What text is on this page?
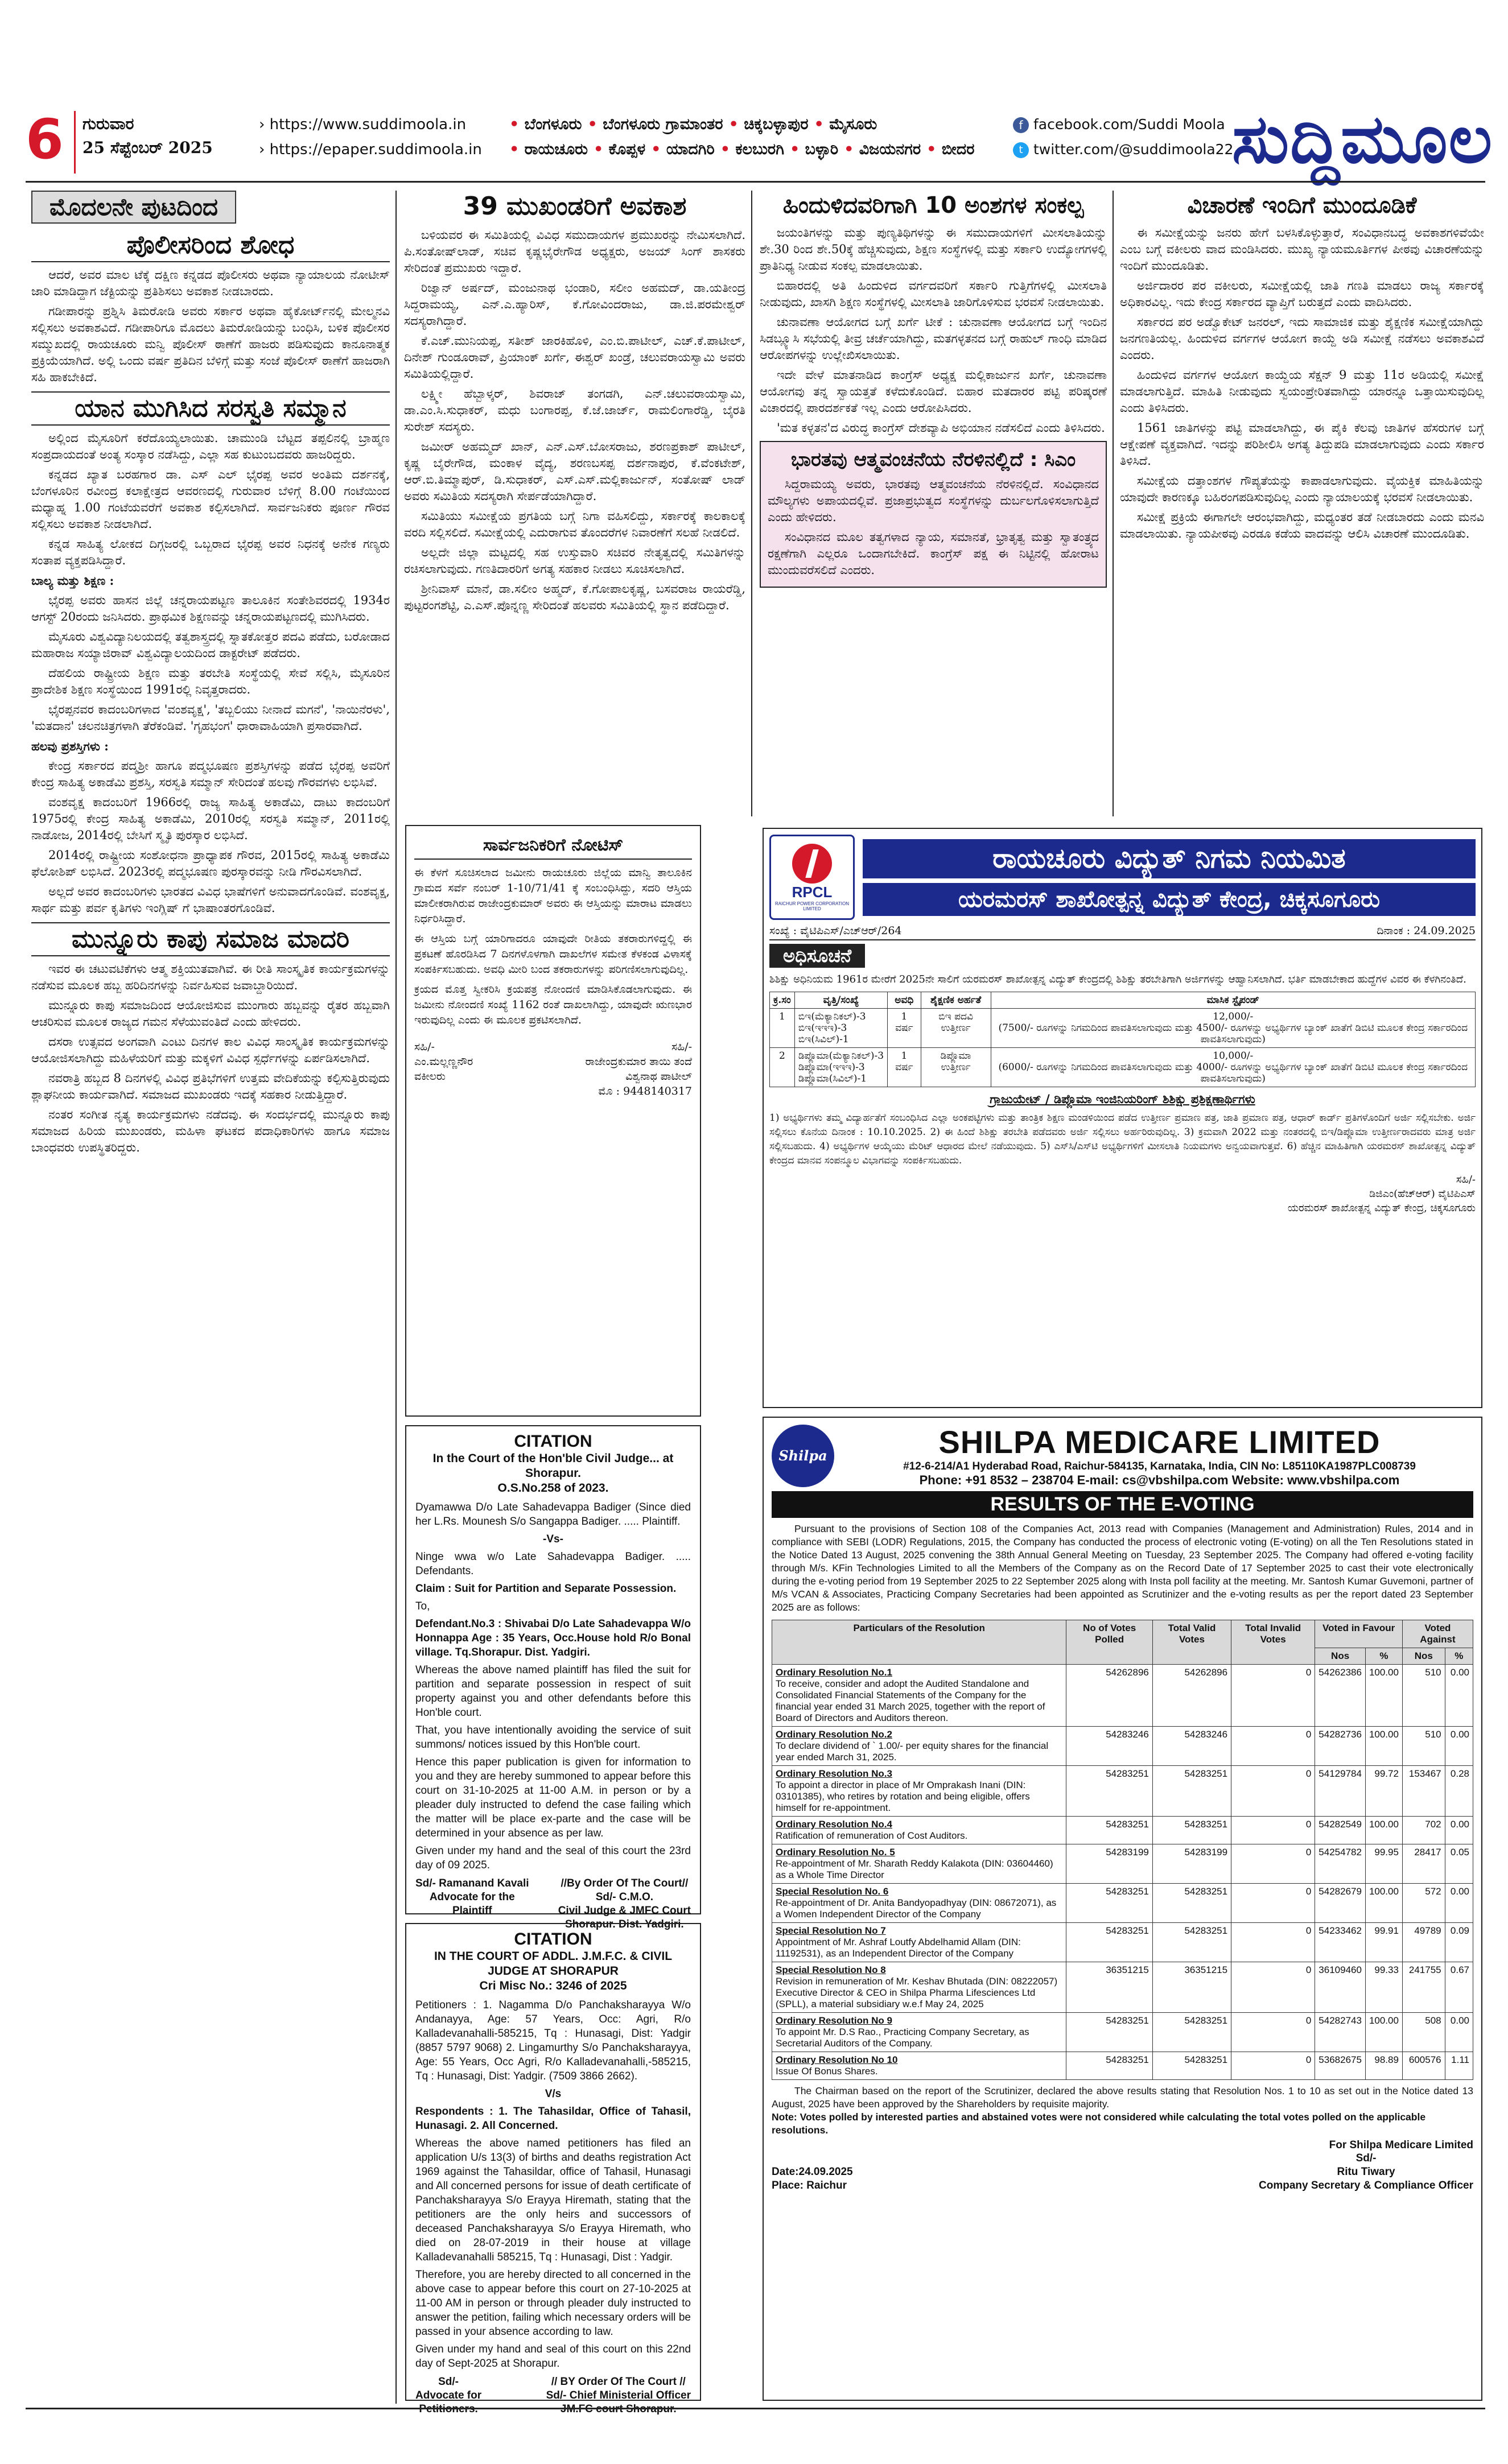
6 ಗುರುವಾರ
25 ಸೆಪ್ಟೆಂಬರ್ 2025
› https://www.suddimoola.in
› https://epaper.suddimoola.in
• ಬೆಂಗಳೂರು • ಬೆಂಗಳೂರು ಗ್ರಾಮಾಂತರ • ಚಿಕ್ಕಬಳ್ಳಾಪುರ • ಮೈಸೂರು
• ರಾಯಚೂರು • ಕೊಪ್ಪಳ • ಯಾದಗಿರಿ • ಕಲಬುರಗಿ • ಬಳ್ಳಾರಿ • ವಿಜಯನಗರ • ಬೀದರ
f facebook.com/Suddi Moola
t twitter.com/@suddimoola22
ಸುದ್ದಿಮೂಲ
ಮೊದಲನೇ ಪುಟದಿಂದ
ಪೊಲೀಸರಿಂದ ಶೋಧ

ಆದರೆ, ಅವರ ಮಾಲ ಟೆಕ್ಕೆ ದಕ್ಷಿಣ ಕನ್ನಡದ ಪೊಲೀಸರು ಅಥವಾ ನ್ಯಾಯಾಲಯ ನೋಟೀಸ್ ಜಾರಿ ಮಾಡಿದ್ದಾಗ ಜೆಕ್ಟಿಯನ್ನು ಪ್ರತಿಶಿಸಲು ಅವಕಾಶ ನೀಡಬಾರದು.

ಗಡೀಪಾರನ್ನು ಪ್ರಶ್ನಿಸಿ ತಿಮರೋಡಿ ಅವರು ಸರ್ಕಾರ ಅಥವಾ ಹೈಕೋರ್ಟ್‌ನಲ್ಲಿ ಮೇಲ್ಮನವಿ ಸಲ್ಲಿಸಲು ಅವಕಾಶವಿದೆ. ಗಡೀಪಾರಿಗೂ ಮೊದಲು ತಿಮರೋಡಿಯನ್ನು ಬಂಧಿಸಿ, ಬಳಿಕ ಪೊಲೀಸರ ಸಮ್ಮುಖದಲ್ಲಿ ರಾಯಚೂರು ಮನ್ವಿ ಪೊಲೀಸ್ ಠಾಣೆಗೆ ಹಾಜರು ಪಡಿಸುವುದು ಕಾನೂನಾತ್ಮಕ ಪ್ರಕ್ರಿಯೆಯಾಗಿದೆ. ಅಲ್ಲಿ ಒಂದು ವರ್ಷ ಪ್ರತಿದಿನ ಬೆಳಿಗ್ಗೆ ಮತ್ತು ಸಂಜೆ ಪೊಲೀಸ್ ಠಾಣೆಗೆ ಹಾಜರಾಗಿ ಸಹಿ ಹಾಕಬೇಕಿದೆ.

ಯಾನ ಮುಗಿಸಿದ ಸರಸ್ವತಿ ಸಮ್ಮಾನ

ಅಲ್ಲಿಂದ ಮೈಸೂರಿಗೆ ಕರೆದೊಯ್ಯಲಾಯಿತು. ಚಾಮುಂಡಿ ಬೆಟ್ಟದ ತಪ್ಪಲಿನಲ್ಲಿ ಬ್ರಾಹ್ಮಣ ಸಂಪ್ರದಾಯದಂತೆ ಅಂತ್ಯ ಸಂಸ್ಕಾರ ನಡೆಸಿದ್ದು, ಎಲ್ಲಾ ಸಹ ಕುಟುಂಬದವರು ಹಾಜರಿದ್ದರು.

ಕನ್ನಡದ ಖ್ಯಾತ ಬರಹಗಾರ ಡಾ. ಎಸ್ ಎಲ್ ಭೈರಪ್ಪ ಅವರ ಅಂತಿಮ ದರ್ಶನಕ್ಕೆ, ಬೆಂಗಳೂರಿನ ರವೀಂದ್ರ ಕಲಾಕ್ಷೇತ್ರದ ಆವರಣದಲ್ಲಿ ಗುರುವಾರ ಬೆಳಿಗ್ಗೆ 8.00 ಗಂಟೆಯಿಂದ ಮಧ್ಯಾಹ್ನ 1.00 ಗಂಟೆಯವರೆಗೆ ಅವಕಾಶ ಕಲ್ಪಿಸಲಾಗಿದೆ. ಸಾರ್ವಜನಿಕರು ಪೂರ್ಣ ಗೌರವ ಸಲ್ಲಿಸಲು ಅವಕಾಶ ನೀಡಲಾಗಿದೆ.

ಕನ್ನಡ ಸಾಹಿತ್ಯ ಲೋಕದ ದಿಗ್ಗಜರಲ್ಲಿ ಒಬ್ಬರಾದ ಭೈರಪ್ಪ ಅವರ ನಿಧನಕ್ಕೆ ಅನೇಕ ಗಣ್ಯರು ಸಂತಾಪ ವ್ಯಕ್ತಪಡಿಸಿದ್ದಾರೆ.

ಬಾಲ್ಯ ಮತ್ತು ಶಿಕ್ಷಣ :

ಭೈರಪ್ಪ ಅವರು ಹಾಸನ ಜಿಲ್ಲೆ ಚನ್ನರಾಯಪಟ್ಟಣ ತಾಲೂಕಿನ ಸಂತೇಶಿವರದಲ್ಲಿ 1934ರ ಆಗಸ್ಟ್ 20ರಂದು ಜನಿಸಿದರು. ಪ್ರಾಥಮಿಕ ಶಿಕ್ಷಣವನ್ನು ಚನ್ನರಾಯಪಟ್ಟಣದಲ್ಲಿ ಮುಗಿಸಿದರು.

ಮೈಸೂರು ವಿಶ್ವವಿದ್ಯಾನಿಲಯದಲ್ಲಿ ತತ್ವಶಾಸ್ತ್ರದಲ್ಲಿ ಸ್ನಾತಕೋತ್ತರ ಪದವಿ ಪಡೆದು, ಬರೋಡಾದ ಮಹಾರಾಜ ಸಯ್ಯಾಜಿರಾವ್ ವಿಶ್ವವಿದ್ಯಾಲಯದಿಂದ ಡಾಕ್ಟರೇಟ್ ಪಡೆದರು.

ದೆಹಲಿಯ ರಾಷ್ಟ್ರೀಯ ಶಿಕ್ಷಣ ಮತ್ತು ತರಬೇತಿ ಸಂಸ್ಥೆಯಲ್ಲಿ ಸೇವೆ ಸಲ್ಲಿಸಿ, ಮೈಸೂರಿನ ಪ್ರಾದೇಶಿಕ ಶಿಕ್ಷಣ ಸಂಸ್ಥೆಯಿಂದ 1991ರಲ್ಲಿ ನಿವೃತ್ತರಾದರು.

ಭೈರಪ್ಪನವರ ಕಾದಂಬರಿಗಳಾದ 'ವಂಶವೃಕ್ಷ', 'ತಬ್ಬಲಿಯು ನೀನಾದೆ ಮಗನೆ', 'ನಾಯಿನೆರಳು', 'ಮತದಾನ' ಚಲನಚಿತ್ರಗಳಾಗಿ ತೆರೆಕಂಡಿವೆ. 'ಗೃಹಭಂಗ' ಧಾರಾವಾಹಿಯಾಗಿ ಪ್ರಸಾರವಾಗಿದೆ.

ಹಲವು ಪ್ರಶಸ್ತಿಗಳು :

ಕೇಂದ್ರ ಸರ್ಕಾರದ ಪದ್ಮಶ್ರೀ ಹಾಗೂ ಪದ್ಮಭೂಷಣ ಪ್ರಶಸ್ತಿಗಳನ್ನು ಪಡೆದ ಭೈರಪ್ಪ ಅವರಿಗೆ ಕೇಂದ್ರ ಸಾಹಿತ್ಯ ಅಕಾಡೆಮಿ ಪ್ರಶಸ್ತಿ, ಸರಸ್ವತಿ ಸಮ್ಮಾನ್ ಸೇರಿದಂತೆ ಹಲವು ಗೌರವಗಳು ಲಭಿಸಿವೆ.

ವಂಶವೃಕ್ಷ ಕಾದಂಬರಿಗೆ 1966ರಲ್ಲಿ ರಾಜ್ಯ ಸಾಹಿತ್ಯ ಅಕಾಡೆಮಿ, ದಾಟು ಕಾದಂಬರಿಗೆ 1975ರಲ್ಲಿ ಕೇಂದ್ರ ಸಾಹಿತ್ಯ ಅಕಾಡೆಮಿ, 2010ರಲ್ಲಿ ಸರಸ್ವತಿ ಸಮ್ಮಾನ್, 2011ರಲ್ಲಿ ನಾಡೋಜ, 2014ರಲ್ಲಿ ಬೇಸಿಗೆ ಸ್ಮೃತಿ ಪುರಸ್ಕಾರ ಲಭಿಸಿದೆ.

2014ರಲ್ಲಿ ರಾಷ್ಟ್ರೀಯ ಸಂಶೋಧನಾ ಪ್ರಾಧ್ಯಾಪಕ ಗೌರವ, 2015ರಲ್ಲಿ ಸಾಹಿತ್ಯ ಅಕಾಡೆಮಿ ಫೆಲೋಶಿಪ್ ಲಭಿಸಿದೆ. 2023ರಲ್ಲಿ ಪದ್ಮಭೂಷಣ ಪುರಸ್ಕಾರವನ್ನು ನೀಡಿ ಗೌರವಿಸಲಾಗಿದೆ.

ಅಲ್ಲದೆ ಅವರ ಕಾದಂಬರಿಗಳು ಭಾರತದ ವಿವಿಧ ಭಾಷೆಗಳಿಗೆ ಅನುವಾದಗೊಂಡಿವೆ. ವಂಶವೃಕ್ಷ, ಸಾರ್ಥ ಮತ್ತು ಪರ್ವ ಕೃತಿಗಳು ಇಂಗ್ಲಿಷ್ ಗೆ ಭಾಷಾಂತರಗೊಂಡಿವೆ.

ಮುನ್ನೂರು ಕಾಪು ಸಮಾಜ ಮಾದರಿ

ಇವರ ಈ ಚಟುವಟಿಕೆಗಳು ಆತ್ಮ ಶಕ್ತಿಯುತವಾಗಿವೆ. ಈ ರೀತಿ ಸಾಂಸ್ಕೃತಿಕ ಕಾರ್ಯಕ್ರಮಗಳನ್ನು ನಡೆಸುವ ಮೂಲಕ ಹಬ್ಬ ಹರಿದಿನಗಳನ್ನು ನಿರ್ವಹಿಸುವ ಜವಾಬ್ದಾರಿಯಿದೆ.

ಮುನ್ನೂರು ಕಾಪು ಸಮಾಜದಿಂದ ಆಯೋಜಿಸುವ ಮುಂಗಾರು ಹಬ್ಬವನ್ನು ರೈತರ ಹಬ್ಬವಾಗಿ ಆಚರಿಸುವ ಮೂಲಕ ರಾಜ್ಯದ ಗಮನ ಸೆಳೆಯುವಂತಿದೆ ಎಂದು ಹೇಳಿದರು.

ದಸರಾ ಉತ್ಸವದ ಅಂಗವಾಗಿ ಎಂಟು ದಿನಗಳ ಕಾಲ ವಿವಿಧ ಸಾಂಸ್ಕೃತಿಕ ಕಾರ್ಯಕ್ರಮಗಳನ್ನು ಆಯೋಜಿಸಲಾಗಿದ್ದು ಮಹಿಳೆಯರಿಗೆ ಮತ್ತು ಮಕ್ಕಳಿಗೆ ವಿವಿಧ ಸ್ಪರ್ಧೆಗಳನ್ನು ಏರ್ಪಡಿಸಲಾಗಿದೆ.

ನವರಾತ್ರಿ ಹಬ್ಬದ 8 ದಿನಗಳಲ್ಲಿ ವಿವಿಧ ಪ್ರತಿಭೆಗಳಿಗೆ ಉತ್ತಮ ವೇದಿಕೆಯನ್ನು ಕಲ್ಪಿಸುತ್ತಿರುವುದು ಶ್ಲಾಘನೀಯ ಕಾರ್ಯವಾಗಿದೆ. ಸಮಾಜದ ಮುಖಂಡರು ಇದಕ್ಕೆ ಸಹಕಾರ ನೀಡುತ್ತಿದ್ದಾರೆ.

ನಂತರ ಸಂಗೀತ ನೃತ್ಯ ಕಾರ್ಯಕ್ರಮಗಳು ನಡೆದವು. ಈ ಸಂದರ್ಭದಲ್ಲಿ ಮುನ್ನೂರು ಕಾಪು ಸಮಾಜದ ಹಿರಿಯ ಮುಖಂಡರು, ಮಹಿಳಾ ಘಟಕದ ಪದಾಧಿಕಾರಿಗಳು ಹಾಗೂ ಸಮಾಜ ಬಾಂಧವರು ಉಪಸ್ಥಿತರಿದ್ದರು.

39 ಮುಖಂಡರಿಗೆ ಅವಕಾಶ

ಬಳಿಯವರ ಈ ಸಮಿತಿಯಲ್ಲಿ ವಿವಿಧ ಸಮುದಾಯಗಳ ಪ್ರಮುಖರನ್ನು ನೇಮಿಸಲಾಗಿದೆ. ಪಿ.ಸಂತೋಷ್‌ಲಾಡ್, ಸಚಿವ ಕೃಷ್ಣಭೈರೇಗೌಡ ಅಧ್ಯಕ್ಷರು, ಅಜಯ್ ಸಿಂಗ್ ಶಾಸಕರು ಸೇರಿದಂತೆ ಪ್ರಮುಖರು ಇದ್ದಾರೆ.

ರಿಜ್ವಾನ್ ಅರ್ಷದ್, ಮಂಜುನಾಥ ಭಂಡಾರಿ, ಸಲೀಂ ಅಹಮದ್, ಡಾ.ಯತೀಂದ್ರ ಸಿದ್ದರಾಮಯ್ಯ, ಎನ್.ಎ.ಹ್ಯಾರಿಸ್, ಕೆ.ಗೋವಿಂದರಾಜು, ಡಾ.ಜಿ.ಪರಮೇಶ್ವರ್ ಸದಸ್ಯರಾಗಿದ್ದಾರೆ.

ಕೆ.ಎಚ್.ಮುನಿಯಪ್ಪ, ಸತೀಶ್ ಜಾರಕಿಹೊಳಿ, ಎಂ.ಬಿ.ಪಾಟೀಲ್, ಎಚ್.ಕೆ.ಪಾಟೀಲ್, ದಿನೇಶ್ ಗುಂಡೂರಾವ್, ಪ್ರಿಯಾಂಕ್ ಖರ್ಗೆ, ಈಶ್ವರ್ ಖಂಡ್ರೆ, ಚಲುವರಾಯಸ್ವಾಮಿ ಅವರು ಸಮಿತಿಯಲ್ಲಿದ್ದಾರೆ.

ಲಕ್ಷ್ಮೀ ಹೆಬ್ಬಾಳ್ಕರ್, ಶಿವರಾಜ್ ತಂಗಡಗಿ, ಎನ್.ಚಲುವರಾಯಸ್ವಾಮಿ, ಡಾ.ಎಂ.ಸಿ.ಸುಧಾಕರ್, ಮಧು ಬಂಗಾರಪ್ಪ, ಕೆ.ಜೆ.ಜಾರ್ಜ್, ರಾಮಲಿಂಗಾರೆಡ್ಡಿ, ಬೈರತಿ ಸುರೇಶ್ ಸದಸ್ಯರು.

ಜಮೀರ್ ಅಹಮ್ಮದ್ ಖಾನ್, ಎನ್.ಎಸ್.ಬೋಸರಾಜು, ಶರಣಪ್ರಕಾಶ್ ಪಾಟೀಲ್, ಕೃಷ್ಣ ಬೈರೇಗೌಡ, ಮಂಕಾಳ ವೈದ್ಯ, ಶರಣಬಸಪ್ಪ ದರ್ಶನಾಪುರ, ಕೆ.ವೆಂಕಟೇಶ್, ಆರ್.ಬಿ.ತಿಮ್ಮಾಪುರ್, ಡಿ.ಸುಧಾಕರ್, ಎಸ್.ಎಸ್.ಮಲ್ಲಿಕಾರ್ಜುನ್, ಸಂತೋಷ್ ಲಾಡ್ ಅವರು ಸಮಿತಿಯ ಸದಸ್ಯರಾಗಿ ಸೇರ್ಪಡೆಯಾಗಿದ್ದಾರೆ.

ಸಮಿತಿಯು ಸಮೀಕ್ಷೆಯ ಪ್ರಗತಿಯ ಬಗ್ಗೆ ನಿಗಾ ವಹಿಸಲಿದ್ದು, ಸರ್ಕಾರಕ್ಕೆ ಕಾಲಕಾಲಕ್ಕೆ ವರದಿ ಸಲ್ಲಿಸಲಿದೆ. ಸಮೀಕ್ಷೆಯಲ್ಲಿ ಎದುರಾಗುವ ತೊಂದರೆಗಳ ನಿವಾರಣೆಗೆ ಸಲಹೆ ನೀಡಲಿದೆ.

ಅಲ್ಲದೇ ಜಿಲ್ಲಾ ಮಟ್ಟದಲ್ಲಿ ಸಹ ಉಸ್ತುವಾರಿ ಸಚಿವರ ನೇತೃತ್ವದಲ್ಲಿ ಸಮಿತಿಗಳನ್ನು ರಚಿಸಲಾಗುವುದು. ಗಣತಿದಾರರಿಗೆ ಅಗತ್ಯ ಸಹಕಾರ ನೀಡಲು ಸೂಚಿಸಲಾಗಿದೆ.

ಶ್ರೀನಿವಾಸ್ ಮಾನೆ, ಡಾ.ಸಲೀಂ ಅಹ್ಮದ್, ಕೆ.ಗೋಪಾಲಕೃಷ್ಣ, ಬಸವರಾಜ ರಾಯರೆಡ್ಡಿ, ಪುಟ್ಟರಂಗಶೆಟ್ಟಿ, ಎ.ಎಸ್.ಪೊನ್ನಣ್ಣ ಸೇರಿದಂತೆ ಹಲವರು ಸಮಿತಿಯಲ್ಲಿ ಸ್ಥಾನ ಪಡೆದಿದ್ದಾರೆ.

ಹಿಂದುಳಿದವರಿಗಾಗಿ 10 ಅಂಶಗಳ ಸಂಕಲ್ಪ

ಜಯಂತಿಗಳನ್ನು ಮತ್ತು ಪುಣ್ಯತಿಥಿಗಳನ್ನು ಈ ಸಮುದಾಯಗಳಿಗೆ ಮೀಸಲಾತಿಯನ್ನು ಶೇ.30 ರಿಂದ ಶೇ.50ಕ್ಕೆ ಹೆಚ್ಚಿಸುವುದು, ಶಿಕ್ಷಣ ಸಂಸ್ಥೆಗಳಲ್ಲಿ ಮತ್ತು ಸರ್ಕಾರಿ ಉದ್ಯೋಗಗಳಲ್ಲಿ ಪ್ರಾತಿನಿಧ್ಯ ನೀಡುವ ಸಂಕಲ್ಪ ಮಾಡಲಾಯಿತು.

ಬಿಹಾರದಲ್ಲಿ ಅತಿ ಹಿಂದುಳಿದ ವರ್ಗದವರಿಗೆ ಸರ್ಕಾರಿ ಗುತ್ತಿಗೆಗಳಲ್ಲಿ ಮೀಸಲಾತಿ ನೀಡುವುದು, ಖಾಸಗಿ ಶಿಕ್ಷಣ ಸಂಸ್ಥೆಗಳಲ್ಲಿ ಮೀಸಲಾತಿ ಜಾರಿಗೊಳಿಸುವ ಭರವಸೆ ನೀಡಲಾಯಿತು.

ಚುನಾವಣಾ ಆಯೋಗದ ಬಗ್ಗೆ ಖರ್ಗೆ ಟೀಕೆ : ಚುನಾವಣಾ ಆಯೋಗದ ಬಗ್ಗೆ ಇಂದಿನ ಸಿಡಬ್ಲ್ಯೂಸಿ ಸಭೆಯಲ್ಲಿ ತೀವ್ರ ಚರ್ಚೆಯಾಗಿದ್ದು, ಮತಗಳ್ಳತನದ ಬಗ್ಗೆ ರಾಹುಲ್ ಗಾಂಧಿ ಮಾಡಿದ ಆರೋಪಗಳನ್ನು ಉಲ್ಲೇಖಿಸಲಾಯಿತು.

ಇದೇ ವೇಳೆ ಮಾತನಾಡಿದ ಕಾಂಗ್ರೆಸ್ ಅಧ್ಯಕ್ಷ ಮಲ್ಲಿಕಾರ್ಜುನ ಖರ್ಗೆ, ಚುನಾವಣಾ ಆಯೋಗವು ತನ್ನ ಸ್ವಾಯತ್ತತೆ ಕಳೆದುಕೊಂಡಿದೆ. ಬಿಹಾರ ಮತದಾರರ ಪಟ್ಟಿ ಪರಿಷ್ಕರಣೆ ವಿಚಾರದಲ್ಲಿ ಪಾರದರ್ಶಕತೆ ಇಲ್ಲ ಎಂದು ಆರೋಪಿಸಿದರು.

'ಮತ ಕಳ್ಳತನ'ದ ವಿರುದ್ಧ ಕಾಂಗ್ರೆಸ್ ದೇಶವ್ಯಾಪಿ ಅಭಿಯಾನ ನಡೆಸಲಿದೆ ಎಂದು ತಿಳಿಸಿದರು.

ಭಾರತವು ಆತ್ಮವಂಚನೆಯ ನೆರಳಿನಲ್ಲಿದೆ : ಸಿಎಂ

ಸಿದ್ದರಾಮಯ್ಯ ಅವರು, ಭಾರತವು ಆತ್ಮವಂಚನೆಯ ನೆರಳಿನಲ್ಲಿದೆ. ಸಂವಿಧಾನದ ಮೌಲ್ಯಗಳು ಅಪಾಯದಲ್ಲಿವೆ. ಪ್ರಜಾಪ್ರಭುತ್ವದ ಸಂಸ್ಥೆಗಳನ್ನು ದುರ್ಬಲಗೊಳಿಸಲಾಗುತ್ತಿದೆ ಎಂದು ಹೇಳಿದರು.

ಸಂವಿಧಾನದ ಮೂಲ ತತ್ವಗಳಾದ ನ್ಯಾಯ, ಸಮಾನತೆ, ಭ್ರಾತೃತ್ವ ಮತ್ತು ಸ್ವಾತಂತ್ರ್ಯದ ರಕ್ಷಣೆಗಾಗಿ ಎಲ್ಲರೂ ಒಂದಾಗಬೇಕಿದೆ. ಕಾಂಗ್ರೆಸ್ ಪಕ್ಷ ಈ ನಿಟ್ಟಿನಲ್ಲಿ ಹೋರಾಟ ಮುಂದುವರೆಸಲಿದೆ ಎಂದರು.

ವಿಚಾರಣೆ ಇಂದಿಗೆ ಮುಂದೂಡಿಕೆ

ಈ ಸಮೀಕ್ಷೆಯನ್ನು ಜನರು ಹೇಗೆ ಬಳಸಿಕೊಳ್ಳುತ್ತಾರೆ, ಸಂವಿಧಾನಬದ್ಧ ಅವಕಾಶಗಳಿವೆಯೇ ಎಂಬ ಬಗ್ಗೆ ವಕೀಲರು ವಾದ ಮಂಡಿಸಿದರು. ಮುಖ್ಯ ನ್ಯಾಯಮೂರ್ತಿಗಳ ಪೀಠವು ವಿಚಾರಣೆಯನ್ನು ಇಂದಿಗೆ ಮುಂದೂಡಿತು.

ಅರ್ಜಿದಾರರ ಪರ ವಕೀಲರು, ಸಮೀಕ್ಷೆಯಲ್ಲಿ ಜಾತಿ ಗಣತಿ ಮಾಡಲು ರಾಜ್ಯ ಸರ್ಕಾರಕ್ಕೆ ಅಧಿಕಾರವಿಲ್ಲ. ಇದು ಕೇಂದ್ರ ಸರ್ಕಾರದ ವ್ಯಾಪ್ತಿಗೆ ಬರುತ್ತದೆ ಎಂದು ವಾದಿಸಿದರು.

ಸರ್ಕಾರದ ಪರ ಅಡ್ವೊಕೇಟ್ ಜನರಲ್, ಇದು ಸಾಮಾಜಿಕ ಮತ್ತು ಶೈಕ್ಷಣಿಕ ಸಮೀಕ್ಷೆಯಾಗಿದ್ದು ಜನಗಣತಿಯಲ್ಲ. ಹಿಂದುಳಿದ ವರ್ಗಗಳ ಆಯೋಗ ಕಾಯ್ದೆ ಅಡಿ ಸಮೀಕ್ಷೆ ನಡೆಸಲು ಅವಕಾಶವಿದೆ ಎಂದರು.

ಹಿಂದುಳಿದ ವರ್ಗಗಳ ಆಯೋಗ ಕಾಯ್ದೆಯ ಸೆಕ್ಷನ್ 9 ಮತ್ತು 11ರ ಅಡಿಯಲ್ಲಿ ಸಮೀಕ್ಷೆ ಮಾಡಲಾಗುತ್ತಿದೆ. ಮಾಹಿತಿ ನೀಡುವುದು ಸ್ವಯಂಪ್ರೇರಿತವಾಗಿದ್ದು ಯಾರನ್ನೂ ಒತ್ತಾಯಿಸುವುದಿಲ್ಲ ಎಂದು ತಿಳಿಸಿದರು.

1561 ಜಾತಿಗಳನ್ನು ಪಟ್ಟಿ ಮಾಡಲಾಗಿದ್ದು, ಈ ಪೈಕಿ ಕೆಲವು ಜಾತಿಗಳ ಹೆಸರುಗಳ ಬಗ್ಗೆ ಆಕ್ಷೇಪಣೆ ವ್ಯಕ್ತವಾಗಿದೆ. ಇದನ್ನು ಪರಿಶೀಲಿಸಿ ಅಗತ್ಯ ತಿದ್ದುಪಡಿ ಮಾಡಲಾಗುವುದು ಎಂದು ಸರ್ಕಾರ ತಿಳಿಸಿದೆ.

ಸಮೀಕ್ಷೆಯ ದತ್ತಾಂಶಗಳ ಗೌಪ್ಯತೆಯನ್ನು ಕಾಪಾಡಲಾಗುವುದು. ವೈಯಕ್ತಿಕ ಮಾಹಿತಿಯನ್ನು ಯಾವುದೇ ಕಾರಣಕ್ಕೂ ಬಹಿರಂಗಪಡಿಸುವುದಿಲ್ಲ ಎಂದು ನ್ಯಾಯಾಲಯಕ್ಕೆ ಭರವಸೆ ನೀಡಲಾಯಿತು.

ಸಮೀಕ್ಷೆ ಪ್ರಕ್ರಿಯೆ ಈಗಾಗಲೇ ಆರಂಭವಾಗಿದ್ದು, ಮಧ್ಯಂತರ ತಡೆ ನೀಡಬಾರದು ಎಂದು ಮನವಿ ಮಾಡಲಾಯಿತು. ನ್ಯಾಯಪೀಠವು ಎರಡೂ ಕಡೆಯ ವಾದವನ್ನು ಆಲಿಸಿ ವಿಚಾರಣೆ ಮುಂದೂಡಿತು.

ಸಾರ್ವಜನಿಕರಿಗೆ ನೋಟಿಸ್

ಈ ಕೆಳಗೆ ಸೂಚಿಸಲಾದ ಜಮೀನು ರಾಯಚೂರು ಜಿಲ್ಲೆಯ ಮಾನ್ವಿ ತಾಲೂಕಿನ ಗ್ರಾಮದ ಸರ್ವೆ ನಂಬರ್ 1-10/71/41 ಕ್ಕೆ ಸಂಬಂಧಿಸಿದ್ದು, ಸದರಿ ಆಸ್ತಿಯ ಮಾಲೀಕರಾಗಿರುವ ರಾಜೇಂದ್ರಕುಮಾರ್ ಅವರು ಈ ಆಸ್ತಿಯನ್ನು ಮಾರಾಟ ಮಾಡಲು ನಿರ್ಧರಿಸಿದ್ದಾರೆ.

ಈ ಆಸ್ತಿಯ ಬಗ್ಗೆ ಯಾರಿಗಾದರೂ ಯಾವುದೇ ರೀತಿಯ ತಕರಾರುಗಳಿದ್ದಲ್ಲಿ ಈ ಪ್ರಕಟಣೆ ಹೊರಡಿಸಿದ 7 ದಿನಗಳೊಳಗಾಗಿ ದಾಖಲೆಗಳ ಸಮೇತ ಕೆಳಕಂಡ ವಿಳಾಸಕ್ಕೆ ಸಂಪರ್ಕಿಸಬಹುದು. ಅವಧಿ ಮೀರಿ ಬಂದ ತಕರಾರುಗಳನ್ನು ಪರಿಗಣಿಸಲಾಗುವುದಿಲ್ಲ.

ಕ್ರಯದ ಮೊತ್ತ ಸ್ವೀಕರಿಸಿ ಕ್ರಯಪತ್ರ ನೋಂದಣಿ ಮಾಡಿಸಿಕೊಡಲಾಗುವುದು. ಈ ಜಮೀನು ನೋಂದಣಿ ಸಂಖ್ಯೆ 1162 ರಂತೆ ದಾಖಲಾಗಿದ್ದು, ಯಾವುದೇ ಋಣಭಾರ ಇರುವುದಿಲ್ಲ ಎಂದು ಈ ಮೂಲಕ ಪ್ರಕಟಿಸಲಾಗಿದೆ.

ಸಹಿ/-
ಎಂ.ಮಲ್ಲಣ್ಣನೌರ
ವಕೀಲರು
ಸಹಿ/-
ರಾಜೇಂದ್ರಕುಮಾರ ತಾಯಿ ತಂದೆ
ವಿಶ್ವನಾಥ ಪಾಟೀಲ್
ಮೊ : 9448140317
CITATION
In the Court of the Hon'ble Civil Judge... at Shorapur.
O.S.No.258 of 2023.

Dyamawwa D/o Late Sahadevappa Badiger (Since died her L.Rs. Mounesh S/o Sangappa Badiger. ..... Plaintiff.

-Vs-

Ninge wwa w/o Late Sahadevappa Badiger. ..... Defendants.

Claim : Suit for Partition and Separate Possession.

To,

Defendant.No.3 : Shivabai D/o Late Sahadevappa W/o Honnappa Age : 35 Years, Occ.House hold R/o Bonal village. Tq.Shorapur. Dist. Yadgiri.

Whereas the above named plaintiff has filed the suit for partition and separate possession in respect of suit property against you and other defendants before this Hon'ble court.

That, you have intentionally avoiding the service of suit summons/ notices issued by this Hon'ble court.

Hence this paper publication is given for information to you and they are hereby summoned to appear before this court on 31-10-2025 at 11-00 A.M. in person or by a pleader duly instructed to defend the case failing which the matter will be place ex-parte and the case will be determined in your absence as per law.

Given under my hand and the seal of this court the 23rd day of 09 2025.

Sd/- Ramanand Kavali
Advocate for the
Plaintiff
//By Order Of The Court//
Sd/- C.M.O.
Civil Judge & JMFC Court
Shorapur. Dist. Yadgiri.
CITATION
IN THE COURT OF ADDL. J.M.F.C. & CIVIL JUDGE AT SHORAPUR
Cri Misc No.: 3246 of 2025

Petitioners : 1. Nagamma D/o Panchaksharayya W/o Andanayya, Age: 57 Years, Occ: Agri, R/o Kalladevanahalli-585215, Tq : Hunasagi, Dist: Yadgir (8857 5797 9068) 2. Lingamurthy S/o Panchaksharayya, Age: 55 Years, Occ Agri, R/o Kalladevanahalli,-585215, Tq : Hunasagi, Dist: Yadgir. (7509 3866 2662).

V/s

Respondents : 1. The Tahasildar, Office of Tahasil, Hunasagi. 2. All Concerned.

Whereas the above named petitioners has filed an application U/s 13(3) of births and deaths registration Act 1969 against the Tahasildar, office of Tahasil, Hunasagi and All concerned persons for issue of death certificate of Panchaksharayya S/o Erayya Hiremath, stating that the petitioners are the only heirs and successors of deceased Panchaksharayya S/o Erayya Hiremath, who died on 28-07-2019 in their house at village Kalladevanahalli 585215, Tq : Hunasagi, Dist : Yadgir.

Therefore, you are hereby directed to all concerned in the above case to appear before this court on 27-10-2025 at 11-00 AM in person or through pleader duly instructed to answer the petition, failing which necessary orders will be passed in your absence according to law.

Given under my hand and seal of this court on this 22nd day of Sept-2025 at Shorapur.

Sd/-
Advocate for

// BY Order Of The Court //
Sd/- Chief Ministerial Officer

RPCL
RAICHUR POWER CORPORATION LIMITED
ರಾಯಚೂರು ವಿದ್ಯುತ್ ನಿಗಮ ನಿಯಮಿತ
ಯರಮರಸ್ ಶಾಖೋತ್ಪನ್ನ ವಿದ್ಯುತ್ ಕೇಂದ್ರ, ಚಿಕ್ಕಸೂಗೂರು
ಸಂಖ್ಯೆ : ವೈಟಿಪಿಎಸ್/ಎಚ್ಆರ್/264	ದಿನಾಂಕ : 24.09.2025
ಅಧಿಸೂಚನೆ
ಶಿಶಿಕ್ಷು ಅಧಿನಿಯಮ 1961ರ ಮೇರೆಗೆ 2025ನೇ ಸಾಲಿಗೆ ಯರಮರಸ್ ಶಾಖೋತ್ಪನ್ನ ವಿದ್ಯುತ್ ಕೇಂದ್ರದಲ್ಲಿ ಶಿಶಿಕ್ಷು ತರಬೇತಿಗಾಗಿ ಅರ್ಜಿಗಳನ್ನು ಆಹ್ವಾನಿಸಲಾಗಿದೆ. ಭರ್ತಿ ಮಾಡಬೇಕಾದ ಹುದ್ದೆಗಳ ವಿವರ ಈ ಕೆಳಗಿನಂತಿದೆ.
ಕ್ರ.ಸಂ	ವೃತ್ತಿ/ಸಂಖ್ಯೆ	ಅವಧಿ	ಶೈಕ್ಷಣಿಕ ಅರ್ಹತೆ	ಮಾಸಿಕ ಸ್ಟೈಪಂಡ್
1	ಬಿಇ(ಮೆಕ್ಯಾನಿಕಲ್)-3
ಬಿಇ(ಇಇಇ)-3
ಬಿಇ(ಸಿವಿಲ್)-1	1 ವರ್ಷ	ಬಿಇ ಪದವಿ ಉತ್ತೀರ್ಣ	12,000/-
(7500/- ರೂಗಳನ್ನು ನಿಗಮದಿಂದ ಪಾವತಿಸಲಾಗುವುದು ಮತ್ತು 4500/- ರೂಗಳನ್ನು ಅಭ್ಯರ್ಥಿಗಳ ಬ್ಯಾಂಕ್ ಖಾತೆಗೆ ಡಿಬಿಟಿ ಮೂಲಕ ಕೇಂದ್ರ ಸರ್ಕಾರದಿಂದ ಪಾವತಿಸಲಾಗುವುದು)
2	ಡಿಪ್ಲೊಮಾ(ಮೆಕ್ಯಾನಿಕಲ್)-3
ಡಿಪ್ಲೊಮಾ(ಇಇಇ)-3
ಡಿಪ್ಲೊಮಾ(ಸಿವಿಲ್)-1	1 ವರ್ಷ	ಡಿಪ್ಲೊಮಾ ಉತ್ತೀರ್ಣ	10,000/-
(6000/- ರೂಗಳನ್ನು ನಿಗಮದಿಂದ ಪಾವತಿಸಲಾಗುವುದು ಮತ್ತು 4000/- ರೂಗಳನ್ನು ಅಭ್ಯರ್ಥಿಗಳ ಬ್ಯಾಂಕ್ ಖಾತೆಗೆ ಡಿಬಿಟಿ ಮೂಲಕ ಕೇಂದ್ರ ಸರ್ಕಾರದಿಂದ ಪಾವತಿಸಲಾಗುವುದು)
ಗ್ರಾಜುಯೇಟ್ / ಡಿಪ್ಲೊಮಾ ಇಂಜಿನಿಯರಿಂಗ್ ಶಿಶಿಕ್ಷು ಪ್ರಶಿಕ್ಷಣಾರ್ಥಿಗಳು
1) ಅಭ್ಯರ್ಥಿಗಳು ತಮ್ಮ ವಿದ್ಯಾರ್ಹತೆಗೆ ಸಂಬಂಧಿಸಿದ ಎಲ್ಲಾ ಅಂಕಪಟ್ಟಿಗಳು ಮತ್ತು ತಾಂತ್ರಿಕ ಶಿಕ್ಷಣ ಮಂಡಳಿಯಿಂದ ಪಡೆದ ಉತ್ತೀರ್ಣ ಪ್ರಮಾಣ ಪತ್ರ, ಜಾತಿ ಪ್ರಮಾಣ ಪತ್ರ, ಆಧಾರ್ ಕಾರ್ಡ್ ಪ್ರತಿಗಳೊಂದಿಗೆ ಅರ್ಜಿ ಸಲ್ಲಿಸಬೇಕು. ಅರ್ಜಿ ಸಲ್ಲಿಸಲು ಕೊನೆಯ ದಿನಾಂಕ : 10.10.2025. 2) ಈ ಹಿಂದೆ ಶಿಶಿಕ್ಷು ತರಬೇತಿ ಪಡೆದವರು ಅರ್ಜಿ ಸಲ್ಲಿಸಲು ಅರ್ಹರಿರುವುದಿಲ್ಲ. 3) ಕ್ರಮವಾಗಿ 2022 ಮತ್ತು ನಂತರದಲ್ಲಿ ಬಿಇ/ಡಿಪ್ಲೊಮಾ ಉತ್ತೀರ್ಣರಾದವರು ಮಾತ್ರ ಅರ್ಜಿ ಸಲ್ಲಿಸಬಹುದು. 4) ಅಭ್ಯರ್ಥಿಗಳ ಆಯ್ಕೆಯು ಮೆರಿಟ್ ಆಧಾರದ ಮೇಲೆ ನಡೆಯುವುದು. 5) ಎಸ್‌ಸಿ/ಎಸ್‌ಟಿ ಅಭ್ಯರ್ಥಿಗಳಿಗೆ ಮೀಸಲಾತಿ ನಿಯಮಗಳು ಅನ್ವಯವಾಗುತ್ತವೆ. 6) ಹೆಚ್ಚಿನ ಮಾಹಿತಿಗಾಗಿ ಯರಮರಸ್ ಶಾಖೋತ್ಪನ್ನ ವಿದ್ಯುತ್ ಕೇಂದ್ರದ ಮಾನವ ಸಂಪನ್ಮೂಲ ವಿಭಾಗವನ್ನು ಸಂಪರ್ಕಿಸಬಹುದು.
ಸಹಿ/-
ಡಿಜಿಎಂ(ಹೆಚ್ಆರ್) ವೈಟಿಪಿಎಸ್
ಯರಮರಸ್ ಶಾಖೋತ್ಪನ್ನ ವಿದ್ಯುತ್ ಕೇಂದ್ರ, ಚಿಕ್ಕಸೂಗೂರು
Shilpa	SHILPA MEDICARE LIMITED
#12-6-214/A1 Hyderabad Road, Raichur-584135, Karnataka, India, CIN No: L85110KA1987PLC008739
Phone: +91 8532 – 238704 E-mail: cs@vbshilpa.com Website: www.vbshilpa.com
RESULTS OF THE E-VOTING
Pursuant to the provisions of Section 108 of the Companies Act, 2013 read with Companies (Management and Administration) Rules, 2014 and in compliance with SEBI (LODR) Regulations, 2015, the Company has conducted the process of electronic voting (E-voting) on all the Ten Resolutions stated in the Notice Dated 13 August, 2025 convening the 38th Annual General Meeting on Tuesday, 23 September 2025. The Company had offered e-voting facility through M/s. KFin Technologies Limited to all the Members of the Company as on the Record Date of 17 September 2025 to cast their vote electronically during the e-voting period from 19 September 2025 to 22 September 2025 along with Insta poll facility at the meeting. Mr. Santosh Kumar Guvemoni, partner of M/s VCAN & Associates, Practicing Company Secretaries had been appointed as Scrutinizer and the e-voting results as per the report dated 23 September 2025 are as follows:
Particulars of the Resolution	No of Votes Polled	Total Valid Votes	Total Invalid Votes	Voted in Favour		Voted Against	
				Nos	%	Nos	%

Ordinary Resolution No.1
To receive, consider and adopt the Audited Standalone and Consolidated Financial Statements of the Company for the financial year ended 31 March 2025, together with the report of Board of Directors and Auditors thereon.	54262896	54262896	0	54262386	100.00	510	0.00

Ordinary Resolution No.2
To declare dividend of ` 1.00/- per equity shares for the financial year ended March 31, 2025.	54283246	54283246	0	54282736	100.00	510	0.00

Ordinary Resolution No.3
To appoint a director in place of Mr Omprakash Inani (DIN: 03101385), who retires by rotation and being eligible, offers himself for re-appointment.	54283251	54283251	0	54129784	99.72	153467	0.28

Ordinary Resolution No.4
Ratification of remuneration of Cost Auditors.	54283251	54283251	0	54282549	100.00	702	0.00

Ordinary Resolution No. 5
Re-appointment of Mr. Sharath Reddy Kalakota (DIN: 03604460) as a Whole Time Director	54283199	54283199	0	54254782	99.95	28417	0.05

Special Resolution No. 6
Re-appointment of Dr. Anita Bandyopadhyay (DIN: 08672071), as a Women Independent Director of the Company	54283251	54283251	0	54282679	100.00	572	0.00

Special Resolution No 7
Appointment of Mr. Ashraf Loutfy Abdelhamid Allam (DIN: 11192531), as an Independent Director of the Company	54283251	54283251	0	54233462	99.91	49789	0.09

Special Resolution No 8
Revision in remuneration of Mr. Keshav Bhutada (DIN: 08222057) Executive Director & CEO in Shilpa Pharma Lifesciences Ltd (SPLL), a material subsidiary w.e.f May 24, 2025	36351215	36351215	0	36109460	99.33	241755	0.67

Ordinary Resolution No 9
To appoint Mr. D.S Rao., Practicing Company Secretary, as Secretarial Auditors of the Company.	54283251	54283251	0	54282743	100.00	508	0.00

Ordinary Resolution No 10
Issue Of Bonus Shares.	54283251	54283251	0	53682675	98.89	600576	1.11
The Chairman based on the report of the Scrutinizer, declared the above results stating that Resolution Nos. 1 to 10 as set out in the Notice dated 13 August, 2025 have been approved by the Shareholders by requisite majority.
Note: Votes polled by interested parties and abstained votes were not considered while calculating the total votes polled on the applicable resolutions.
For Shilpa Medicare Limited
Date:24.09.2025
Place: Raichur
Sd/-
Ritu Tiwary
Company Secretary & Compliance Officer
